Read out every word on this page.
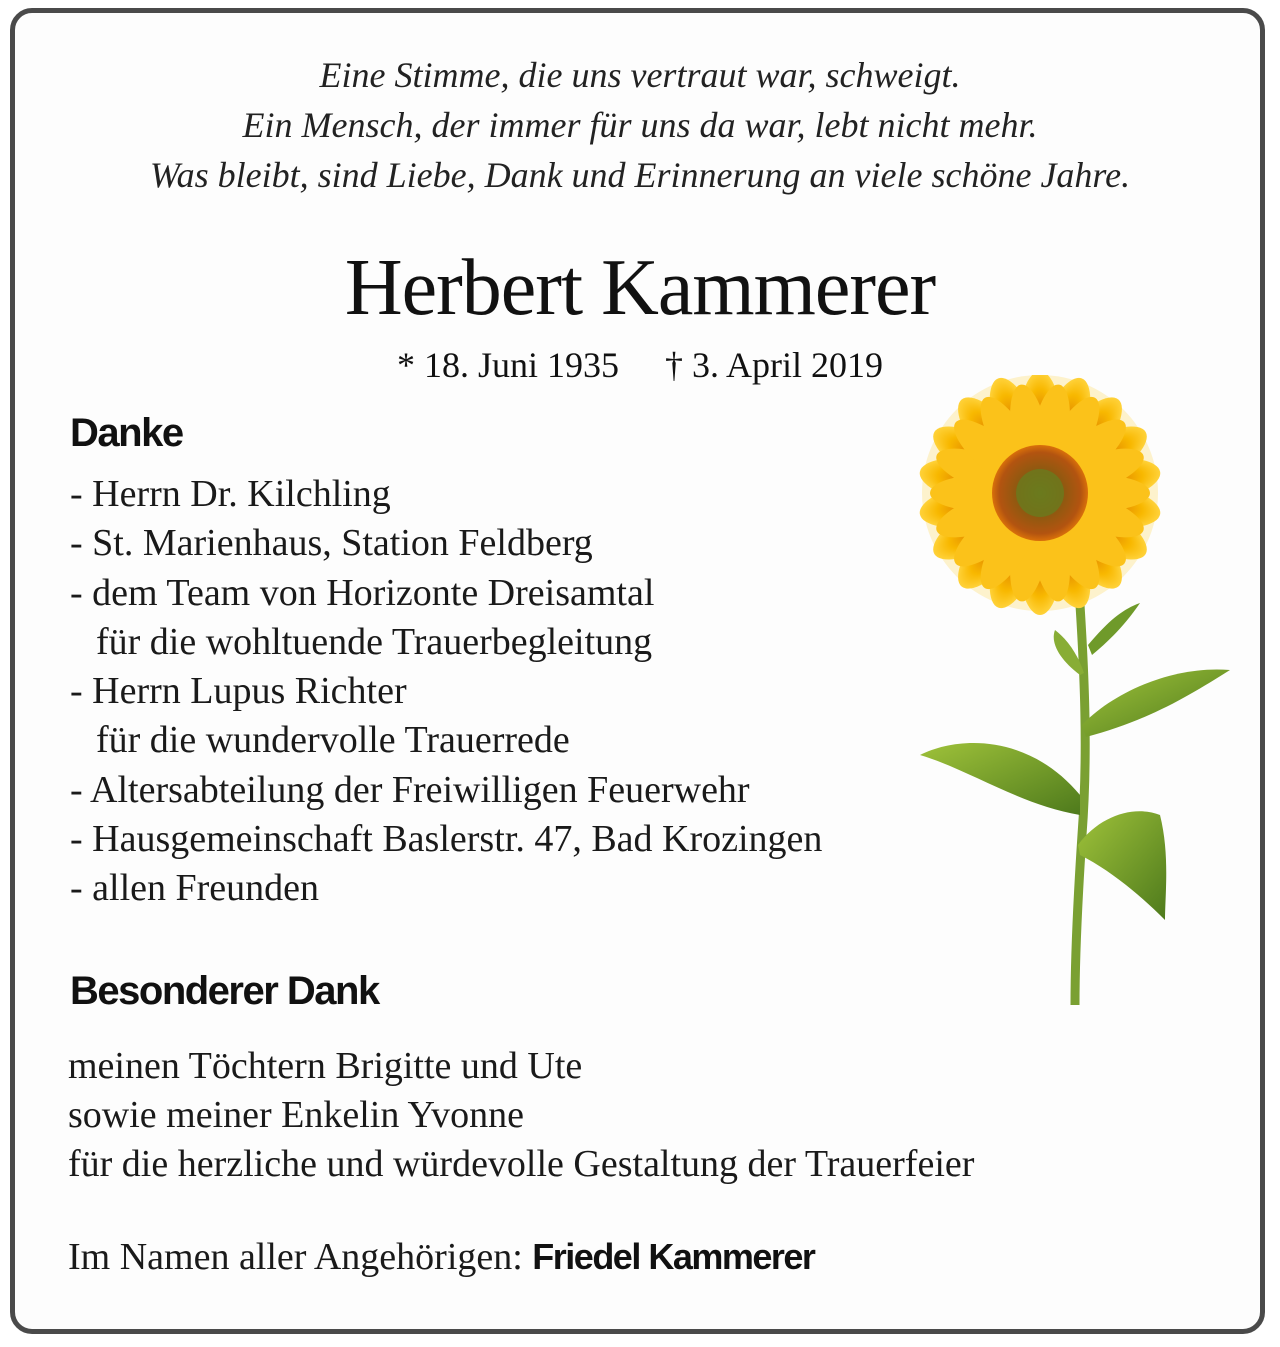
Eine Stimme, die uns vertraut war, schweigt.
Ein Mensch, der immer für uns da war, lebt nicht mehr.
Was bleibt, sind Liebe, Dank und Erinnerung an viele schöne Jahre.
Herbert Kammerer
* 18. Juni 1935 † 3. April 2019
Danke
- Herrn Dr. Kilchling
- St. Marienhaus, Station Feldberg
- dem Team von Horizonte Dreisamtal
für die wohltuende Trauerbegleitung
- Herrn Lupus Richter
für die wundervolle Trauerrede
- Altersabteilung der Freiwilligen Feuerwehr
- Hausgemeinschaft Baslerstr. 47, Bad Krozingen
- allen Freunden
Besonderer Dank
meinen Töchtern Brigitte und Ute
sowie meiner Enkelin Yvonne
für die herzliche und würdevolle Gestaltung der Trauerfeier
Im Namen aller Angehörigen: Friedel Kammerer
